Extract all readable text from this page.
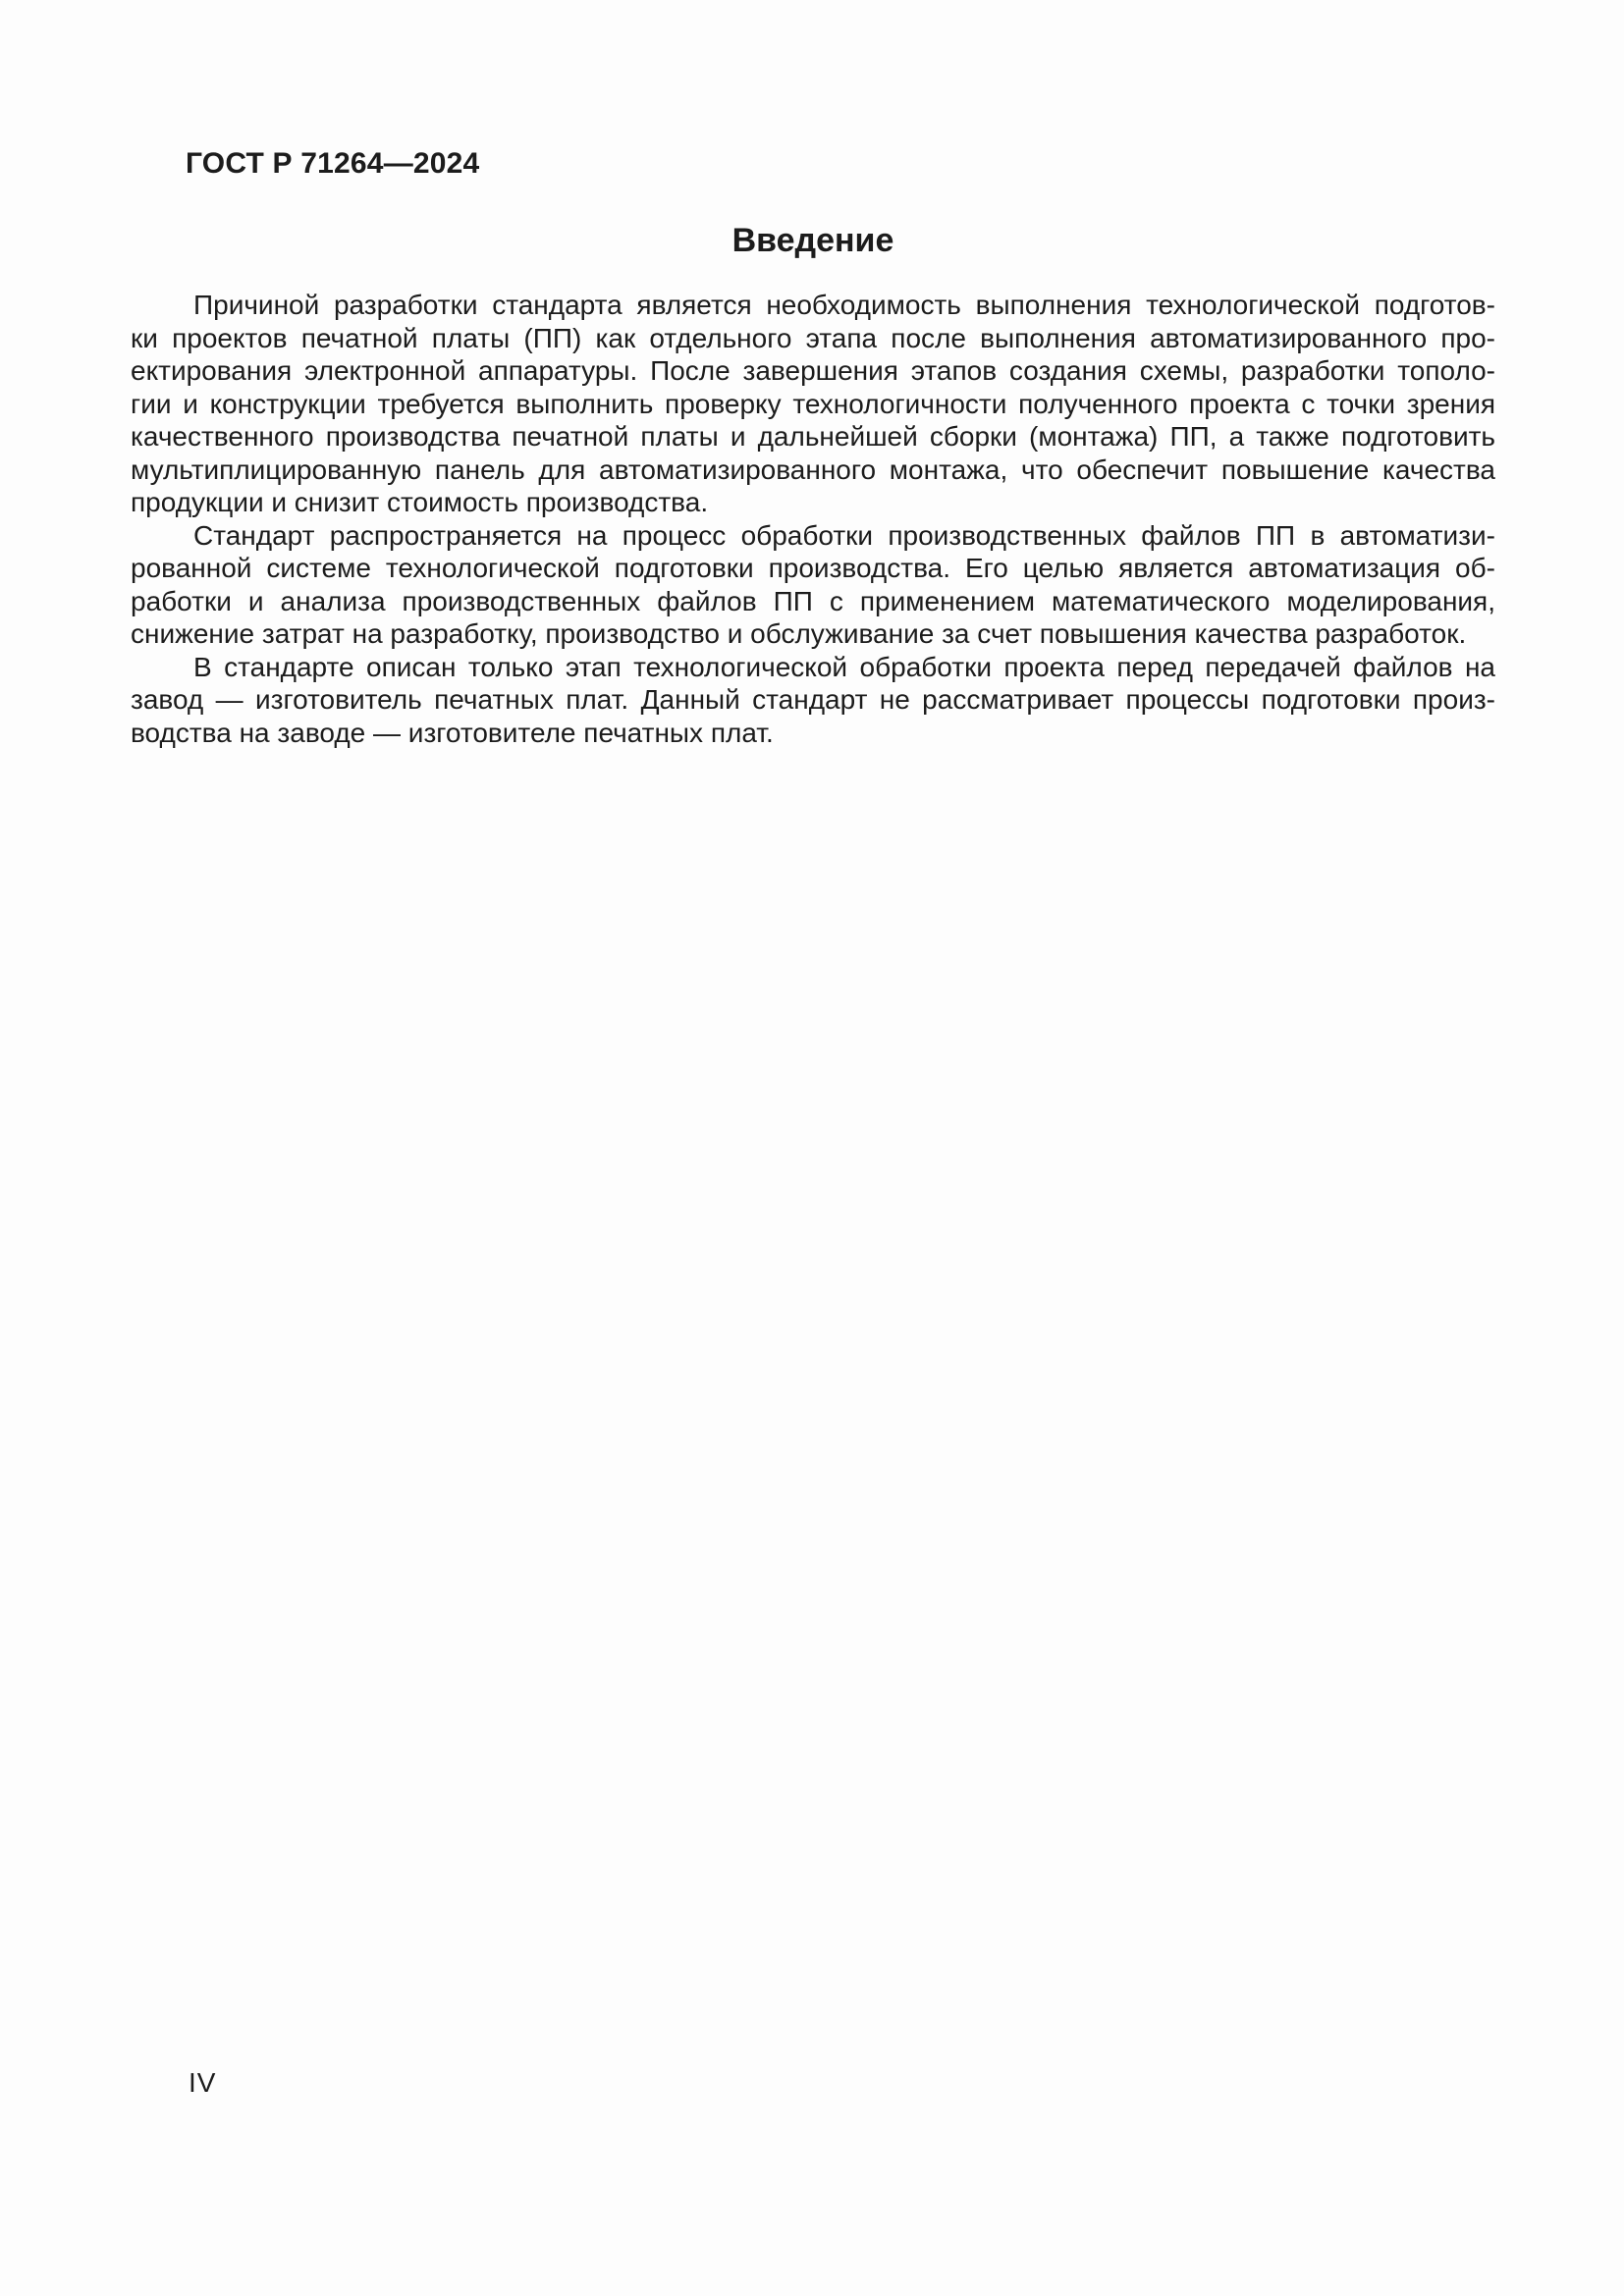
ГОСТ Р 71264—2024
Введение
Причиной разработки стандарта является необходимость выполнения технологической подготов-
ки проектов печатной платы (ПП) как отдельного этапа после выполнения автоматизированного про-
ектирования электронной аппаратуры. После завершения этапов создания схемы, разработки тополо-
гии и конструкции требуется выполнить проверку технологичности полученного проекта с точки зрения
качественного производства печатной платы и дальнейшей сборки (монтажа) ПП, а также подготовить
мультиплицированную панель для автоматизированного монтажа, что обеспечит повышение качества
продукции и снизит стоимость производства.
Стандарт распространяется на процесс обработки производственных файлов ПП в автоматизи-
рованной системе технологической подготовки производства. Его целью является автоматизация об-
работки и анализа производственных файлов ПП с применением математического моделирования,
снижение затрат на разработку, производство и обслуживание за счет повышения качества разработок.
В стандарте описан только этап технологической обработки проекта перед передачей файлов на
завод — изготовитель печатных плат. Данный стандарт не рассматривает процессы подготовки произ-
водства на заводе — изготовителе печатных плат.
IV
